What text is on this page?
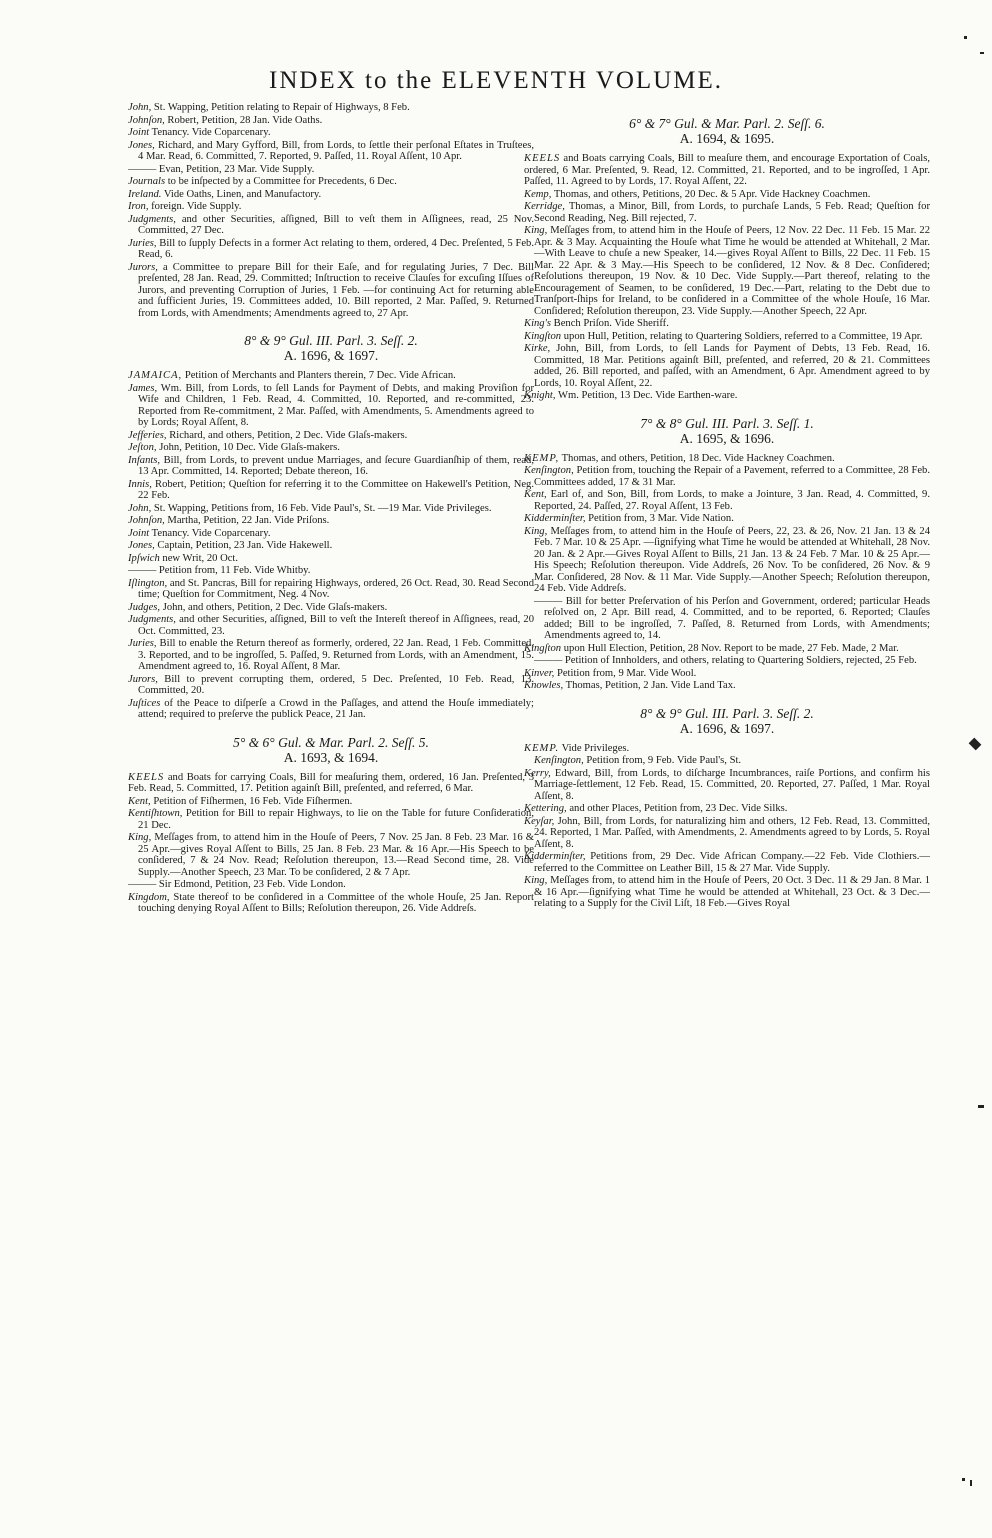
INDEX to the ELEVENTH VOLUME.
John, St. Wapping, Petition relating to Repair of Highways, 8 Feb.
Johnſon, Robert, Petition, 28 Jan. Vide Oaths.
Joint Tenancy. Vide Coparcenary.
Jones, Richard, and Mary Gyfford, Bill, from Lords, to ſettle their perſonal Eſtates in Truſtees, 4 Mar. Read, 6. Committed, 7. Reported, 9. Paſſed, 11. Royal Aſſent, 10 Apr.
——— Evan, Petition, 23 Mar. Vide Supply.
Journals to be inſpected by a Committee for Precedents, 6 Dec.
Ireland. Vide Oaths, Linen, and Manufactory.
Iron, foreign. Vide Supply.
Judgments, and other Securities, aſſigned, Bill to veſt them in Aſſignees, read, 25 Nov. Committed, 27 Dec.
Juries, Bill to ſupply Defects in a former Act relating to them, ordered, 4 Dec. Preſented, 5 Feb. Read, 6.
Jurors, a Committee to prepare Bill for their Eaſe, and for regulating Juries, 7 Dec. Bill preſented, 28 Jan. Read, 29. Committed; Inſtruction to receive Clauſes for excuſing Iſſues of Jurors, and preventing Corruption of Juries, 1 Feb. —for continuing Act for returning able and ſufficient Juries, 19. Committees added, 10. Bill reported, 2 Mar. Paſſed, 9. Returned from Lords, with Amendments; Amendments agreed to, 27 Apr.
8° & 9° Gul. III. Parl. 3. Seſſ. 2.
A. 1696, & 1697.
JAMAICA, Petition of Merchants and Planters therein, 7 Dec. Vide African.
James, Wm. Bill, from Lords, to ſell Lands for Payment of Debts, and making Proviſion for Wife and Children, 1 Feb. Read, 4. Committed, 10. Reported, and re-committed, 23. Reported from Re-commitment, 2 Mar. Paſſed, with Amendments, 5. Amendments agreed to by Lords; Royal Aſſent, 8.
Jefferies, Richard, and others, Petition, 2 Dec. Vide Glaſs-makers.
Jeſton, John, Petition, 10 Dec. Vide Glaſs-makers.
Infants, Bill, from Lords, to prevent undue Marriages, and ſecure Guardianſhip of them, read, 13 Apr. Committed, 14. Reported; Debate thereon, 16.
Innis, Robert, Petition; Queſtion for referring it to the Committee on Hakewell's Petition, Neg. 22 Feb.
John, St. Wapping, Petitions from, 16 Feb. Vide Paul's, St. —19 Mar. Vide Privileges.
Johnſon, Martha, Petition, 22 Jan. Vide Priſons.
Joint Tenancy. Vide Coparcenary.
Jones, Captain, Petition, 23 Jan. Vide Hakewell.
Ipſwich new Writ, 20 Oct.
——— Petition from, 11 Feb. Vide Whitby.
Iſlington, and St. Pancras, Bill for repairing Highways, ordered, 26 Oct. Read, 30. Read Second time; Queſtion for Commitment, Neg. 4 Nov.
Judges, John, and others, Petition, 2 Dec. Vide Glaſs-makers.
Judgments, and other Securities, aſſigned, Bill to veſt the Intereſt thereof in Aſſignees, read, 20 Oct. Committed, 23.
Juries, Bill to enable the Return thereof as formerly, ordered, 22 Jan. Read, 1 Feb. Committed, 3. Reported, and to be ingroſſed, 5. Paſſed, 9. Returned from Lords, with an Amendment, 15. Amendment agreed to, 16. Royal Aſſent, 8 Mar.
Jurors, Bill to prevent corrupting them, ordered, 5 Dec. Preſented, 10 Feb. Read, 13. Committed, 20.
Juſtices of the Peace to diſperſe a Crowd in the Paſſages, and attend the Houſe immediately; attend; required to preſerve the publick Peace, 21 Jan.
5° & 6° Gul. & Mar. Parl. 2. Seſſ. 5.
A. 1693, & 1694.
KEELS and Boats for carrying Coals, Bill for meaſuring them, ordered, 16 Jan. Preſented, 3 Feb. Read, 5. Committed, 17. Petition againſt Bill, preſented, and referred, 6 Mar.
Kent, Petition of Fiſhermen, 16 Feb. Vide Fiſhermen.
Kentiſhtown, Petition for Bill to repair Highways, to lie on the Table for future Conſideration, 21 Dec.
King, Meſſages from, to attend him in the Houſe of Peers, 7 Nov. 25 Jan. 8 Feb. 23 Mar. 16 & 25 Apr.—gives Royal Aſſent to Bills, 25 Jan. 8 Feb. 23 Mar. & 16 Apr.—His Speech to be conſidered, 7 & 24 Nov. Read; Reſolution thereupon, 13.—Read Second time, 28. Vide Supply.—Another Speech, 23 Mar. To be conſidered, 2 & 7 Apr.
——— Sir Edmond, Petition, 23 Feb. Vide London.
Kingdom, State thereof to be conſidered in a Committee of the whole Houſe, 25 Jan. Report touching denying Royal Aſſent to Bills; Reſolution thereupon, 26. Vide Addreſs.
6° & 7° Gul. & Mar. Parl. 2. Seſſ. 6.
A. 1694, & 1695.
KEELS and Boats carrying Coals, Bill to meaſure them, and encourage Exportation of Coals, ordered, 6 Mar. Preſented, 9. Read, 12. Committed, 21. Reported, and to be ingroſſed, 1 Apr. Paſſed, 11. Agreed to by Lords, 17. Royal Aſſent, 22.
Kemp, Thomas, and others, Petitions, 20 Dec. & 5 Apr. Vide Hackney Coachmen.
Kerridge, Thomas, a Minor, Bill, from Lords, to purchaſe Lands, 5 Feb. Read; Queſtion for Second Reading, Neg. Bill rejected, 7.
King, Meſſages from, to attend him in the Houſe of Peers, 12 Nov. 22 Dec. 11 Feb. 15 Mar. 22 Apr. & 3 May. Acquainting the Houſe what Time he would be attended at Whitehall, 2 Mar.—With Leave to chuſe a new Speaker, 14.—gives Royal Aſſent to Bills, 22 Dec. 11 Feb. 15 Mar. 22 Apr. & 3 May.—His Speech to be conſidered, 12 Nov. & 8 Dec. Conſidered; Reſolutions thereupon, 19 Nov. & 10 Dec. Vide Supply.—Part thereof, relating to the Encouragement of Seamen, to be conſidered, 19 Dec.—Part, relating to the Debt due to Tranſport-ſhips for Ireland, to be conſidered in a Committee of the whole Houſe, 16 Mar. Conſidered; Reſolution thereupon, 23. Vide Supply.—Another Speech, 22 Apr.
King's Bench Priſon. Vide Sheriff.
Kingſton upon Hull, Petition, relating to Quartering Soldiers, referred to a Committee, 19 Apr.
Kirke, John, Bill, from Lords, to ſell Lands for Payment of Debts, 13 Feb. Read, 16. Committed, 18 Mar. Petitions againſt Bill, preſented, and referred, 20 & 21. Committees added, 26. Bill reported, and paſſed, with an Amendment, 6 Apr. Amendment agreed to by Lords, 10. Royal Aſſent, 22.
Knight, Wm. Petition, 13 Dec. Vide Earthen-ware.
7° & 8° Gul. III. Parl. 3. Seſſ. 1.
A. 1695, & 1696.
KEMP, Thomas, and others, Petition, 18 Dec. Vide Hackney Coachmen.
Kenſington, Petition from, touching the Repair of a Pavement, referred to a Committee, 28 Feb. Committees added, 17 & 31 Mar.
Kent, Earl of, and Son, Bill, from Lords, to make a Jointure, 3 Jan. Read, 4. Committed, 9. Reported, 24. Paſſed, 27. Royal Aſſent, 13 Feb.
Kidderminſter, Petition from, 3 Mar. Vide Nation.
King, Meſſages from, to attend him in the Houſe of Peers, 22, 23. & 26, Nov. 21 Jan. 13 & 24 Feb. 7 Mar. 10 & 25 Apr. —ſignifying what Time he would be attended at Whitehall, 28 Nov. 20 Jan. & 2 Apr.—Gives Royal Aſſent to Bills, 21 Jan. 13 & 24 Feb. 7 Mar. 10 & 25 Apr.—His Speech; Reſolution thereupon. Vide Addreſs, 26 Nov. To be conſidered, 26 Nov. & 9 Mar. Conſidered, 28 Nov. & 11 Mar. Vide Supply.—Another Speech; Reſolution thereupon, 24 Feb. Vide Addreſs.
——— Bill for better Preſervation of his Perſon and Government, ordered; particular Heads reſolved on, 2 Apr. Bill read, 4. Committed, and to be reported, 6. Reported; Clauſes added; Bill to be ingroſſed, 7. Paſſed, 8. Returned from Lords, with Amendments; Amendments agreed to, 14.
Kingſton upon Hull Election, Petition, 28 Nov. Report to be made, 27 Feb. Made, 2 Mar.
——— Petition of Innholders, and others, relating to Quartering Soldiers, rejected, 25 Feb.
Kinver, Petition from, 9 Mar. Vide Wool.
Knowles, Thomas, Petition, 2 Jan. Vide Land Tax.
8° & 9° Gul. III. Parl. 3. Seſſ. 2.
A. 1696, & 1697.
KEMP. Vide Privileges.
Kenſington, Petition from, 9 Feb. Vide Paul's, St.
Kerry, Edward, Bill, from Lords, to diſcharge Incumbrances, raiſe Portions, and confirm his Marriage-ſettlement, 12 Feb. Read, 15. Committed, 20. Reported, 27. Paſſed, 1 Mar. Royal Aſſent, 8.
Kettering, and other Places, Petition from, 23 Dec. Vide Silks.
Keyſar, John, Bill, from Lords, for naturalizing him and others, 12 Feb. Read, 13. Committed, 24. Reported, 1 Mar. Paſſed, with Amendments, 2. Amendments agreed to by Lords, 5. Royal Aſſent, 8.
Kidderminſter, Petitions from, 29 Dec. Vide African Company.—22 Feb. Vide Clothiers.—referred to the Committee on Leather Bill, 15 & 27 Mar. Vide Supply.
King, Meſſages from, to attend him in the Houſe of Peers, 20 Oct. 3 Dec. 11 & 29 Jan. 8 Mar. 1 & 16 Apr.—ſignifying what Time he would be attended at Whitehall, 23 Oct. & 3 Dec.—relating to a Supply for the Civil Liſt, 18 Feb.—Gives Royal
